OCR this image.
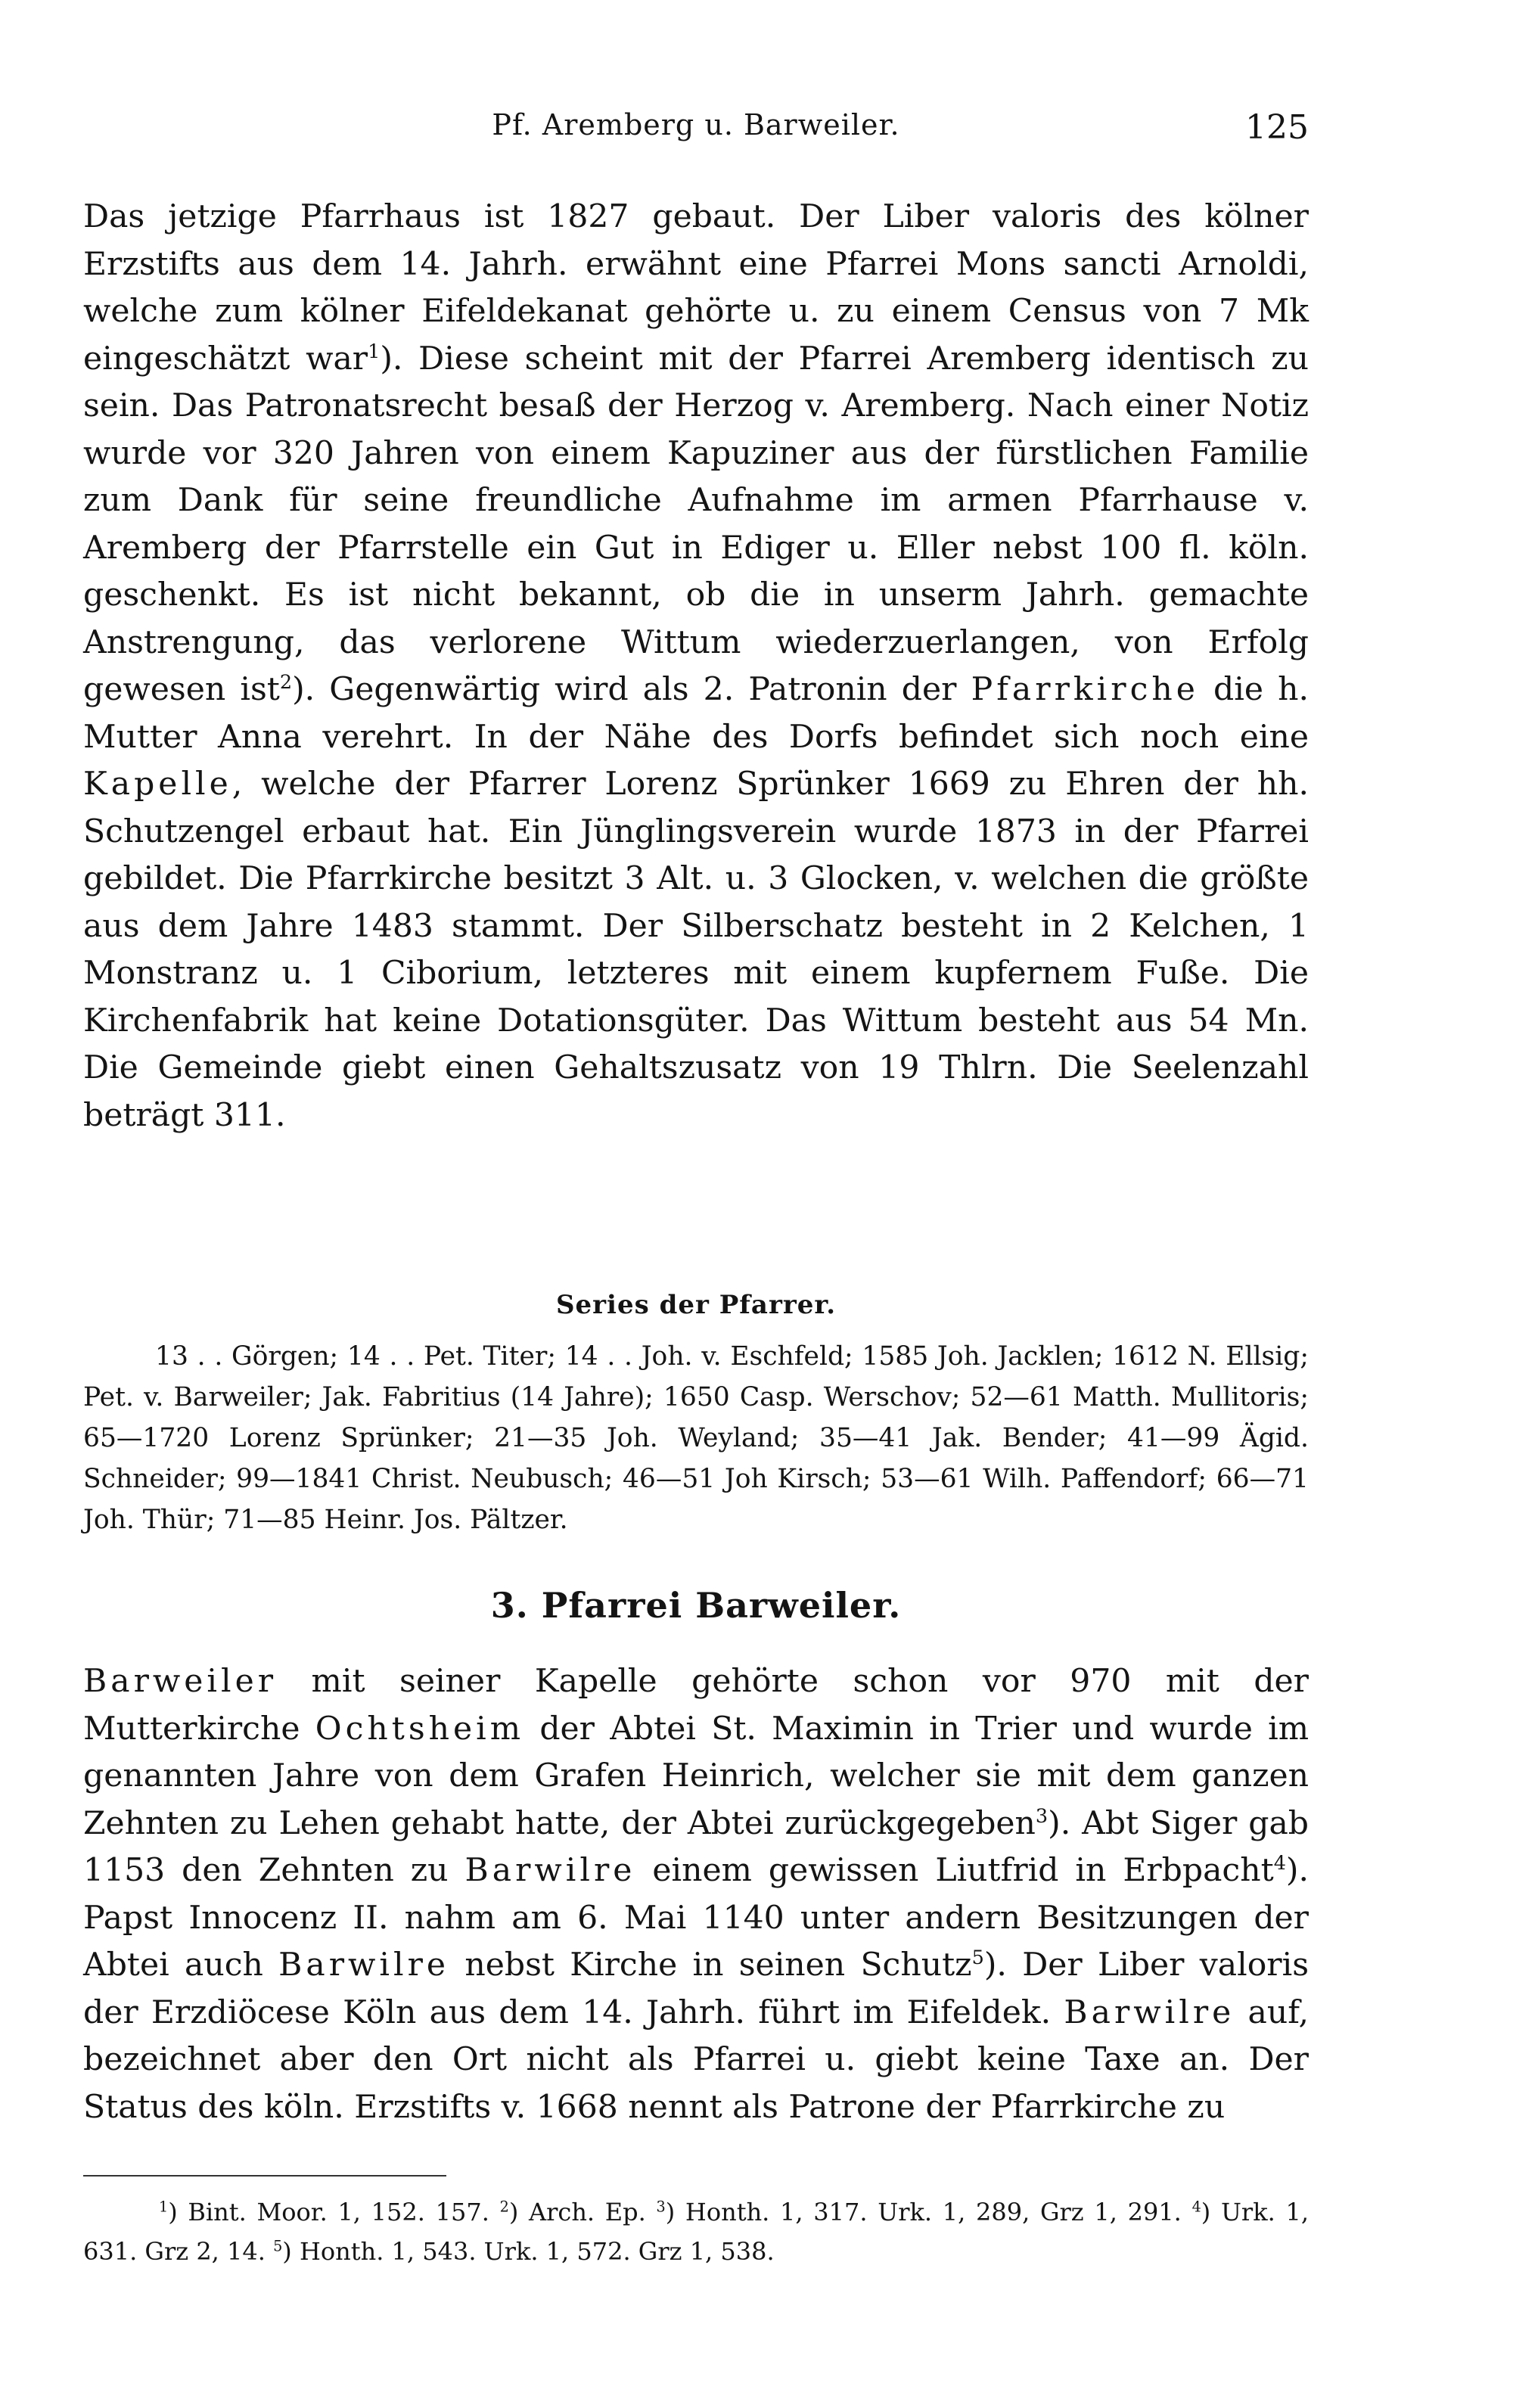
Pf. Aremberg u. Barweiler.	125

Das jetzige Pfarrhaus ist 1827 gebaut. Der Liber valoris des kölner Erzstifts aus dem 14. Jahrh. erwähnt eine Pfarrei Mons sancti Arnoldi, welche zum kölner Eifeldekanat gehörte u. zu einem Census von 7 Mk eingeschätzt war$^1$). Diese scheint mit der Pfarrei Aremberg identisch zu sein. Das Patronatsrecht besaß der Herzog v. Aremberg. Nach einer Notiz wurde vor 320 Jahren von einem Kapuziner aus der fürstlichen Familie zum Dank für seine freundliche Aufnahme im armen Pfarrhause v. Aremberg der Pfarrstelle ein Gut in Ediger u. Eller nebst 100 fl. köln. geschenkt. Es ist nicht bekannt, ob die in unserm Jahrh. gemachte Anstrengung, das verlorene Wittum wiederzuerlangen, von Erfolg gewesen ist$^2$). Gegenwärtig wird als 2. Patronin der Pfarrkirche die h. Mutter Anna verehrt. In der Nähe des Dorfs befindet sich noch eine Kapelle, welche der Pfarrer Lorenz Sprünker 1669 zu Ehren der hh. Schutzengel erbaut hat. Ein Jünglingsverein wurde 1873 in der Pfarrei gebildet. Die Pfarrkirche besitzt 3 Alt. u. 3 Glocken, v. welchen die größte aus dem Jahre 1483 stammt. Der Silberschatz besteht in 2 Kelchen, 1 Monstranz u. 1 Ciborium, letzteres mit einem kupfernem Fuße. Die Kirchenfabrik hat keine Dotationsgüter. Das Wittum besteht aus 54 Mn. Die Gemeinde giebt einen Gehaltszusatz von 19 Thlrn. Die Seelenzahl beträgt 311.

Series der Pfarrer.

13 . . Görgen; 14 . . Pet. Titer; 14 . . Joh. v. Eschfeld; 1585 Joh. Jacklen; 1612 N. Ellsig; Pet. v. Barweiler; Jak. Fabritius (14 Jahre); 1650 Casp. Werschov; 52—61 Matth. Mullitoris; 65—1720 Lorenz Sprünker; 21—35 Joh. Weyland; 35—41 Jak. Bender; 41—99 Ägid. Schneider; 99—1841 Christ. Neubusch; 46—51 Joh Kirsch; 53—61 Wilh. Paffendorf; 66—71 Joh. Thür; 71—85 Heinr. Jos. Pältzer.

3. Pfarrei Barweiler.

Barweiler mit seiner Kapelle gehörte schon vor 970 mit der Mutterkirche Ochtsheim der Abtei St. Maximin in Trier und wurde im genannten Jahre von dem Grafen Heinrich, welcher sie mit dem ganzen Zehnten zu Lehen gehabt hatte, der Abtei zurückgegeben$^3$). Abt Siger gab 1153 den Zehnten zu Barwilre einem gewissen Liutfrid in Erbpacht$^4$). Papst Innocenz II. nahm am 6. Mai 1140 unter andern Besitzungen der Abtei auch Barwilre nebst Kirche in seinen Schutz$^5$). Der Liber valoris der Erzdiöcese Köln aus dem 14. Jahrh. führt im Eifeldek. Barwilre auf, bezeichnet aber den Ort nicht als Pfarrei u. giebt keine Taxe an. Der Status des köln. Erzstifts v. 1668 nennt als Patrone der Pfarrkirche zu

$^1$) Bint. Moor. 1, 152. 157. $^2$) Arch. Ep. $^3$) Honth. 1, 317. Urk. 1, 289, Grz 1, 291. $^4$) Urk. 1, 631. Grz 2, 14. $^5$) Honth. 1, 543. Urk. 1, 572. Grz 1, 538.
